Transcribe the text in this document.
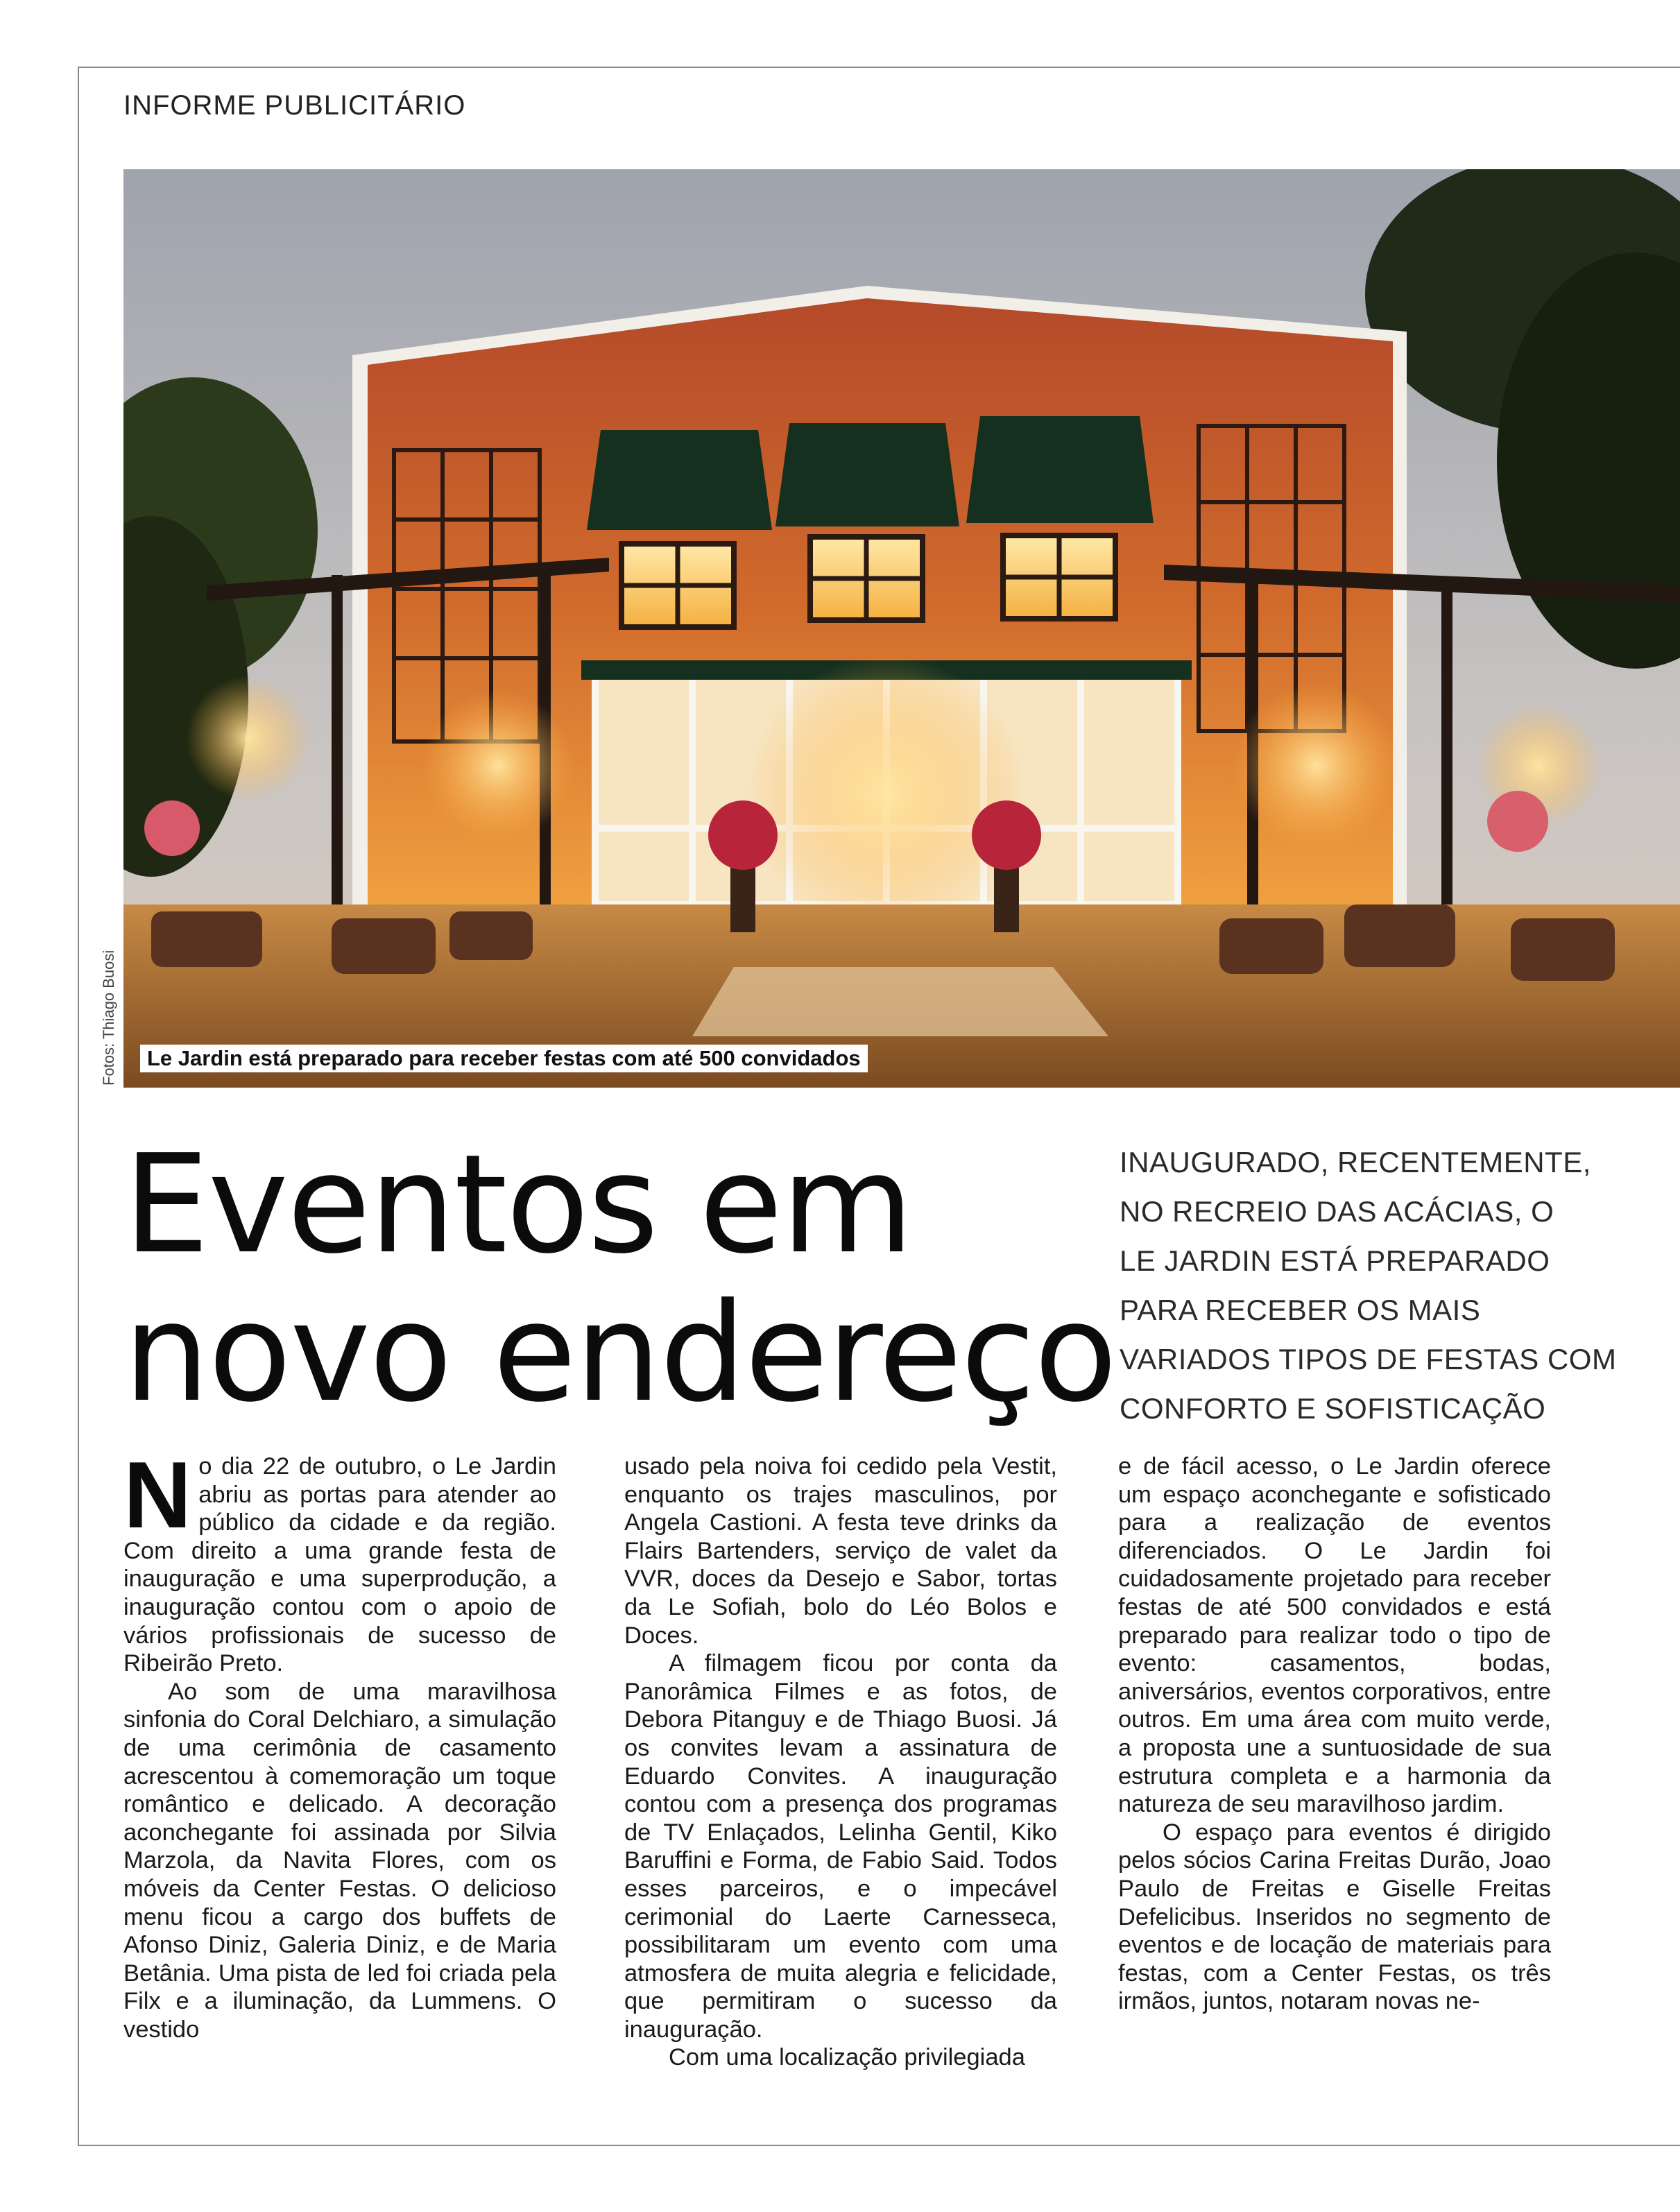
INFORME PUBLICITÁRIO
Fotos: Thiago Buosi	Le Jardin está preparado para receber festas com até 500 convidados
Eventos em
novo endereço
INAUGURADO, RECENTEMENTE,
NO RECREIO DAS ACÁCIAS, O
LE JARDIN ESTÁ PREPARADO
PARA RECEBER OS MAIS
VARIADOS TIPOS DE FESTAS COM
CONFORTO E SOFISTICAÇÃO

No dia 22 de outubro, o Le Jardin abriu as portas para atender ao público da cidade e da região. Com direito a uma grande festa de inauguração e uma superprodução, a inauguração contou com o apoio de vários profissionais de sucesso de Ribeirão Preto.

Ao som de uma maravilhosa sinfonia do Coral Delchiaro, a simulação de uma cerimônia de casamento acrescentou à comemoração um toque romântico e delicado. A decoração aconchegante foi assinada por Silvia Marzola, da Navita Flores, com os móveis da Center Festas. O delicioso menu ficou a cargo dos buffets de Afonso Diniz, Galeria Diniz, e de Maria Betânia. Uma pista de led foi criada pela Filx e a iluminação, da Lummens. O vestido

usado pela noiva foi cedido pela Vestit, enquanto os trajes masculinos, por Angela Castioni. A festa teve drinks da Flairs Bartenders, serviço de valet da VVR, doces da Desejo e Sabor, tortas da Le Sofiah, bolo do Léo Bolos e Doces.

A filmagem ficou por conta da Panorâmica Filmes e as fotos, de Debora Pitanguy e de Thiago Buosi. Já os convites levam a assinatura de Eduardo Convites. A inauguração contou com a presença dos programas de TV Enlaçados, Lelinha Gentil, Kiko Baruffini e Forma, de Fabio Said. Todos esses parceiros, e o impecável cerimonial do Laerte Carnesseca, possibilitaram um evento com uma atmosfera de muita alegria e felicidade, que permitiram o sucesso da inauguração.

Com uma localização privilegiada

e de fácil acesso, o Le Jardin oferece um espaço aconchegante e sofisticado para a realização de eventos diferenciados. O Le Jardin foi cuidadosamente projetado para receber festas de até 500 convidados e está preparado para realizar todo o tipo de evento: casamentos, bodas, aniversários, eventos corporativos, entre outros. Em uma área com muito verde, a proposta une a suntuosidade de sua estrutura completa e a harmonia da natureza de seu maravilhoso jardim.

O espaço para eventos é dirigido pelos sócios Carina Freitas Durão, Joao Paulo de Freitas e Giselle Freitas Defelicibus. Inseridos no segmento de eventos e de locação de materiais para festas, com a Center Festas, os três irmãos, juntos, notaram novas ne-
